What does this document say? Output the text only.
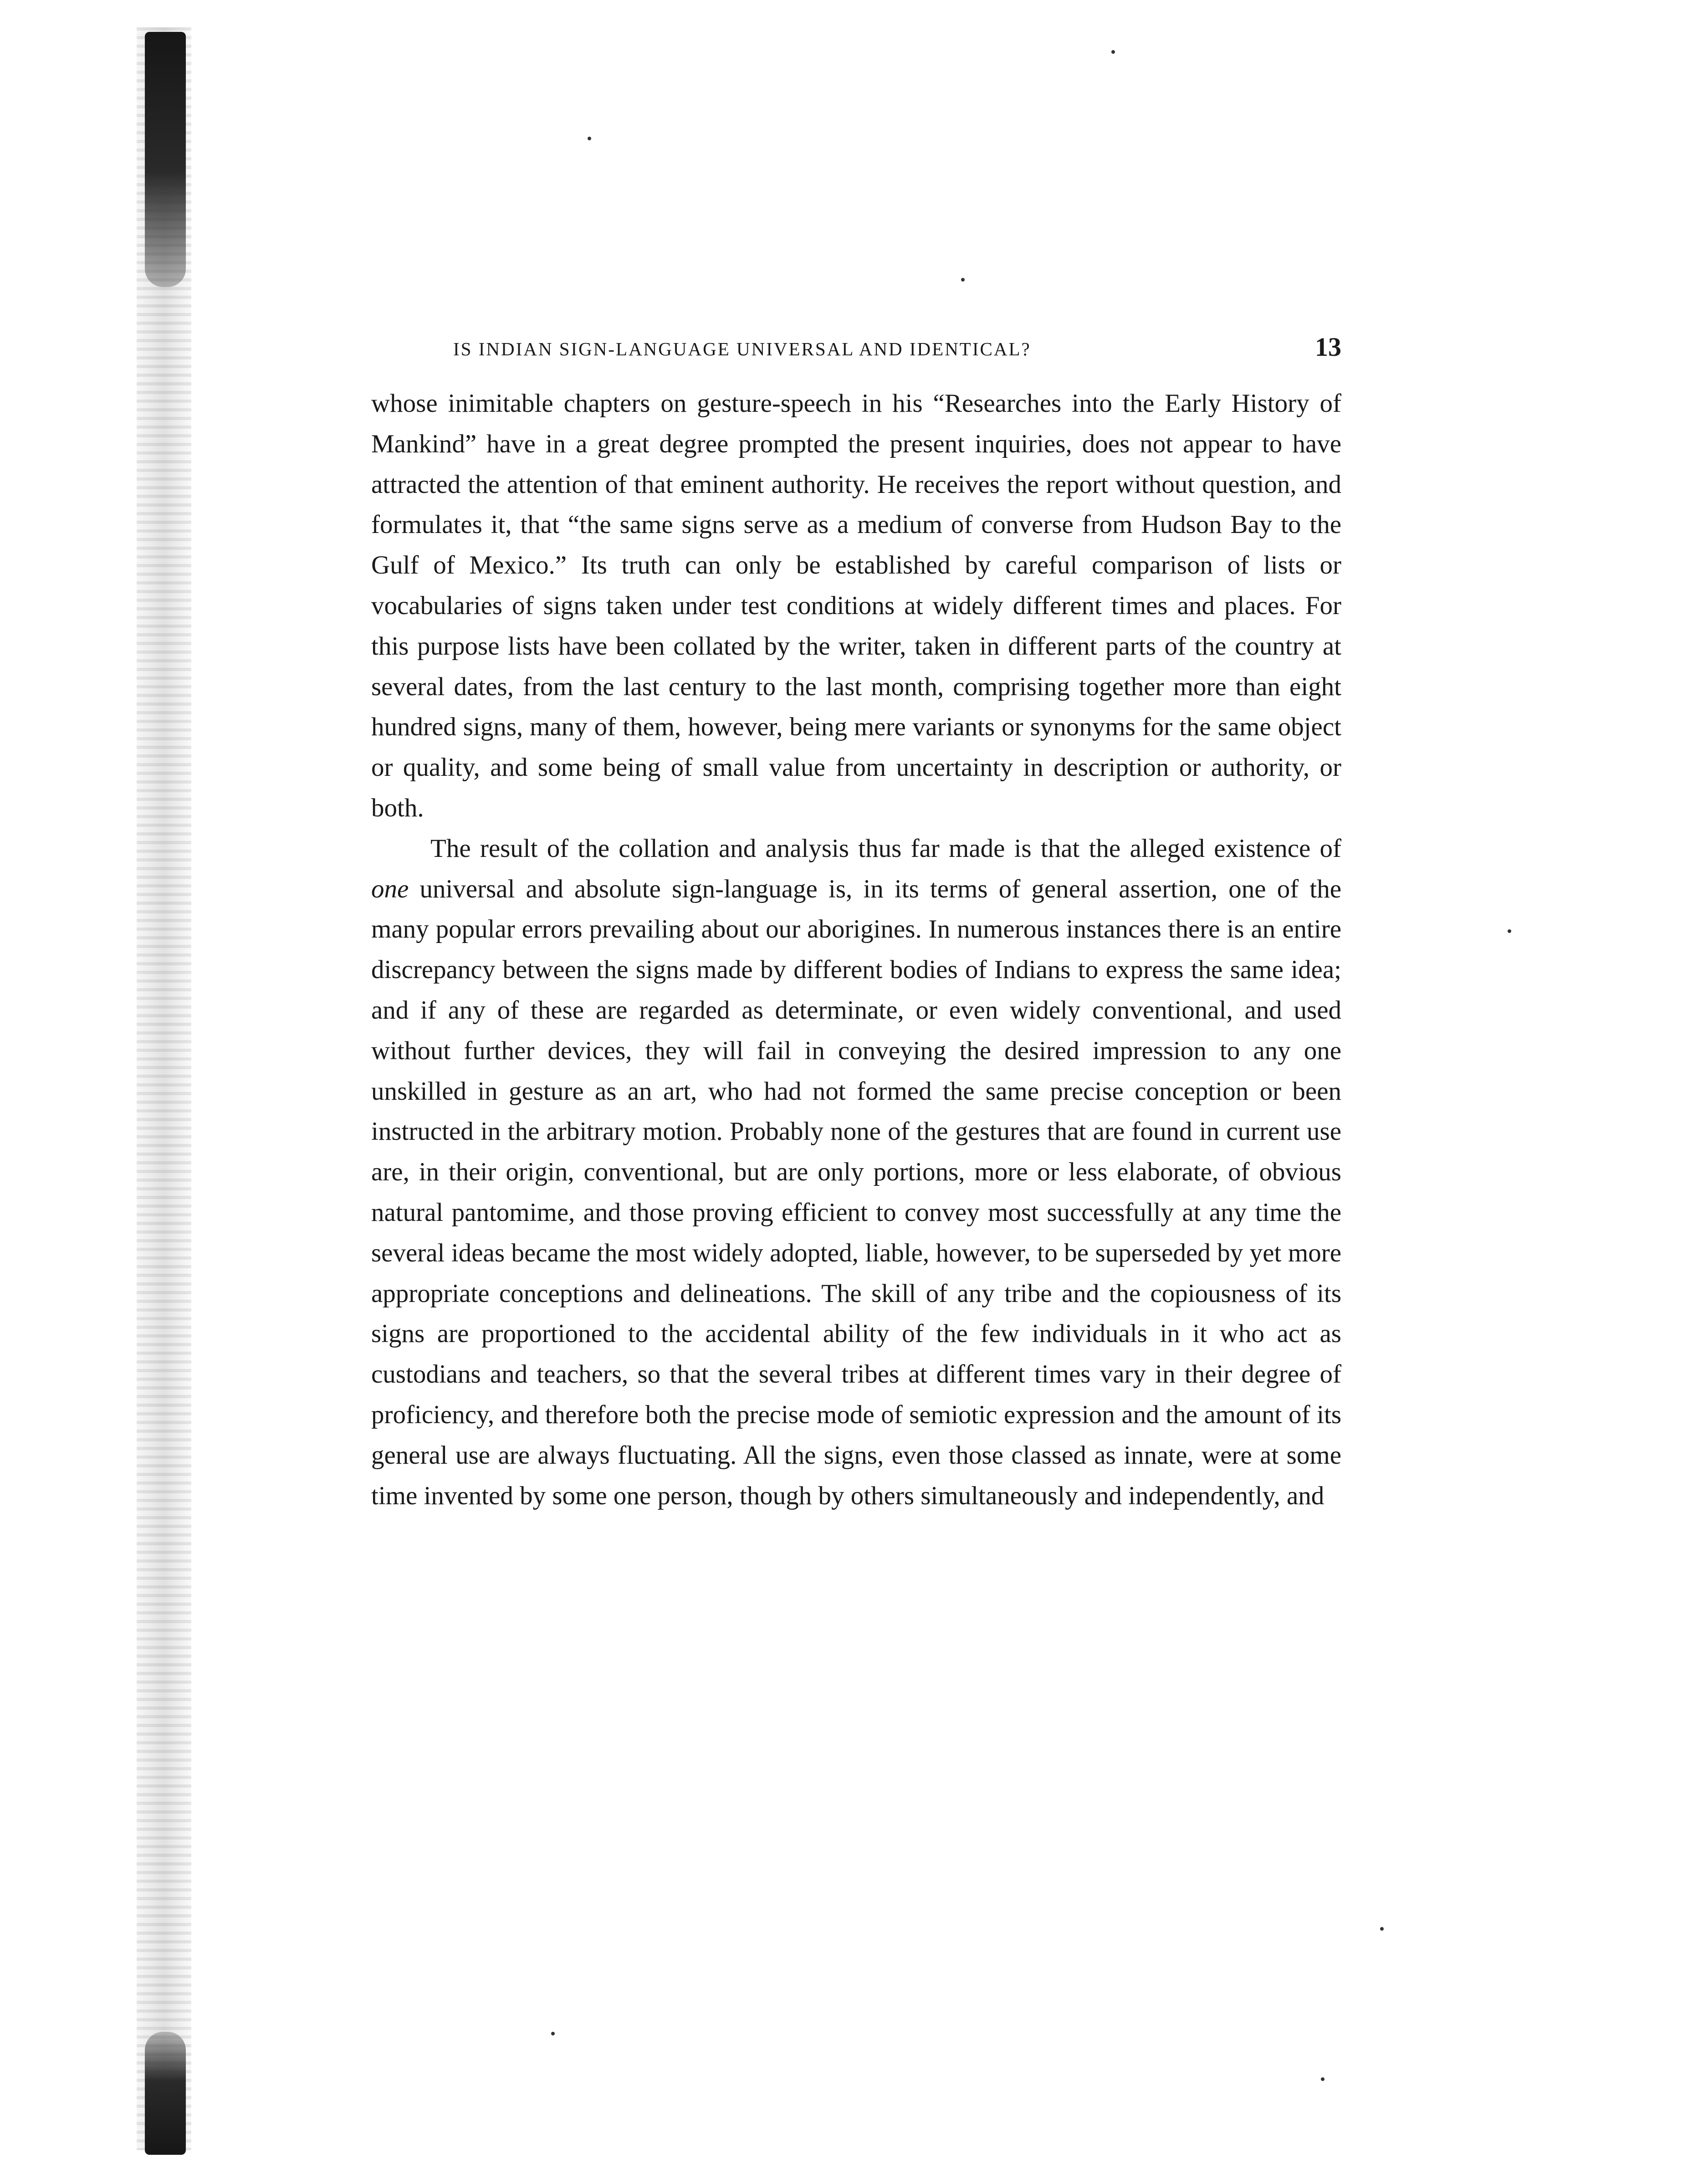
IS INDIAN SIGN-LANGUAGE UNIVERSAL AND IDENTICAL?	13

whose inimitable chapters on gesture-speech in his “Researches into the Early History of Mankind” have in a great degree prompted the present inquiries, does not appear to have attracted the attention of that eminent authority. He receives the report without question, and formulates it, that “the same signs serve as a medium of converse from Hudson Bay to the Gulf of Mexico.” Its truth can only be established by careful comparison of lists or vocabularies of signs taken under test conditions at widely different times and places. For this purpose lists have been collated by the writer, taken in different parts of the country at several dates, from the last century to the last month, comprising together more than eight hundred signs, many of them, however, being mere variants or synonyms for the same object or quality, and some being of small value from uncertainty in description or authority, or both.

The result of the collation and analysis thus far made is that the alleged existence of one universal and absolute sign-language is, in its terms of general assertion, one of the many popular errors prevailing about our aborigines. In numerous instances there is an entire discrepancy between the signs made by different bodies of Indians to express the same idea; and if any of these are regarded as determinate, or even widely conventional, and used without further devices, they will fail in conveying the desired impression to any one unskilled in gesture as an art, who had not formed the same precise conception or been instructed in the arbitrary motion. Probably none of the gestures that are found in current use are, in their origin, conventional, but are only portions, more or less elaborate, of obvious natural pantomime, and those proving efficient to convey most successfully at any time the several ideas became the most widely adopted, liable, however, to be superseded by yet more appropriate conceptions and delineations. The skill of any tribe and the copiousness of its signs are proportioned to the accidental ability of the few individuals in it who act as custodians and teachers, so that the several tribes at different times vary in their degree of proficiency, and therefore both the precise mode of semiotic expression and the amount of its general use are always fluctuating. All the signs, even those classed as innate, were at some time invented by some one person, though by others simultaneously and independently, and
